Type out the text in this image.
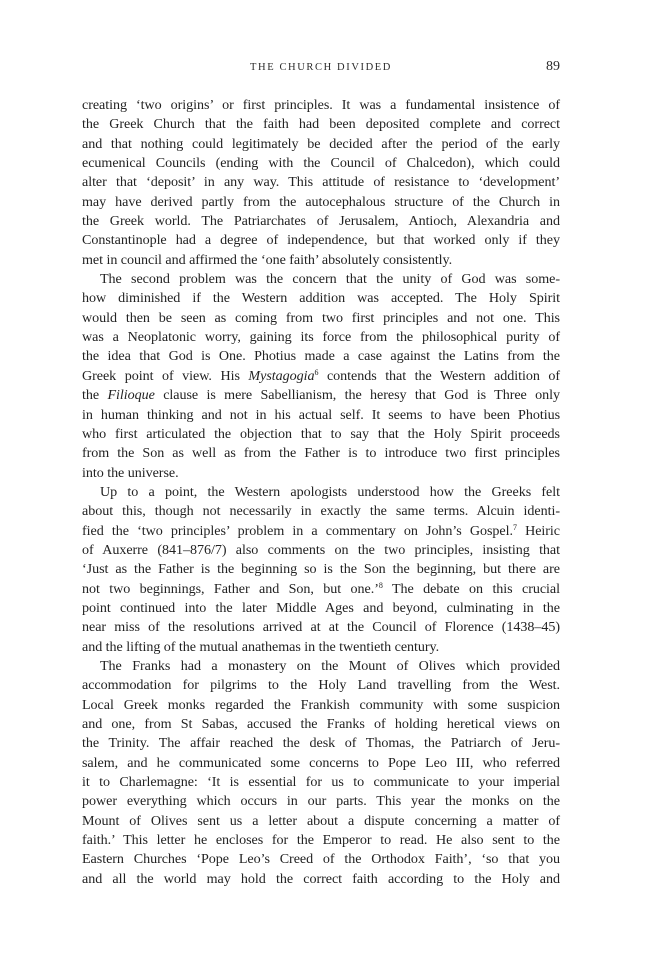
THE CHURCH DIVIDED	89
creating ‘two origins’ or first principles. It was a fundamental insistence of
the Greek Church that the faith had been deposited complete and correct
and that nothing could legitimately be decided after the period of the early
ecumenical Councils (ending with the Council of Chalcedon), which could
alter that ‘deposit’ in any way. This attitude of resistance to ‘development’
may have derived partly from the autocephalous structure of the Church in
the Greek world. The Patriarchates of Jerusalem, Antioch, Alexandria and
Constantinople had a degree of independence, but that worked only if they
met in council and affirmed the ‘one faith’ absolutely consistently.
The second problem was the concern that the unity of God was some-
how diminished if the Western addition was accepted. The Holy Spirit
would then be seen as coming from two first principles and not one. This
was a Neoplatonic worry, gaining its force from the philosophical purity of
the idea that God is One. Photius made a case against the Latins from the
Greek point of view. His Mystagogia$^6$ contends that the Western addition of
the Filioque clause is mere Sabellianism, the heresy that God is Three only
in human thinking and not in his actual self. It seems to have been Photius
who first articulated the objection that to say that the Holy Spirit proceeds
from the Son as well as from the Father is to introduce two first principles
into the universe.
Up to a point, the Western apologists understood how the Greeks felt
about this, though not necessarily in exactly the same terms. Alcuin identi-
fied the ‘two principles’ problem in a commentary on John’s Gospel.$^7$ Heiric
of Auxerre (841–876/7) also comments on the two principles, insisting that
‘Just as the Father is the beginning so is the Son the beginning, but there are
not two beginnings, Father and Son, but one.’$^8$ The debate on this crucial
point continued into the later Middle Ages and beyond, culminating in the
near miss of the resolutions arrived at at the Council of Florence (1438–45)
and the lifting of the mutual anathemas in the twentieth century.
The Franks had a monastery on the Mount of Olives which provided
accommodation for pilgrims to the Holy Land travelling from the West.
Local Greek monks regarded the Frankish community with some suspicion
and one, from St Sabas, accused the Franks of holding heretical views on
the Trinity. The affair reached the desk of Thomas, the Patriarch of Jeru-
salem, and he communicated some concerns to Pope Leo III, who referred
it to Charlemagne: ‘It is essential for us to communicate to your imperial
power everything which occurs in our parts. This year the monks on the
Mount of Olives sent us a letter about a dispute concerning a matter of
faith.’ This letter he encloses for the Emperor to read. He also sent to the
Eastern Churches ‘Pope Leo’s Creed of the Orthodox Faith’, ‘so that you
and all the world may hold the correct faith according to the Holy and
